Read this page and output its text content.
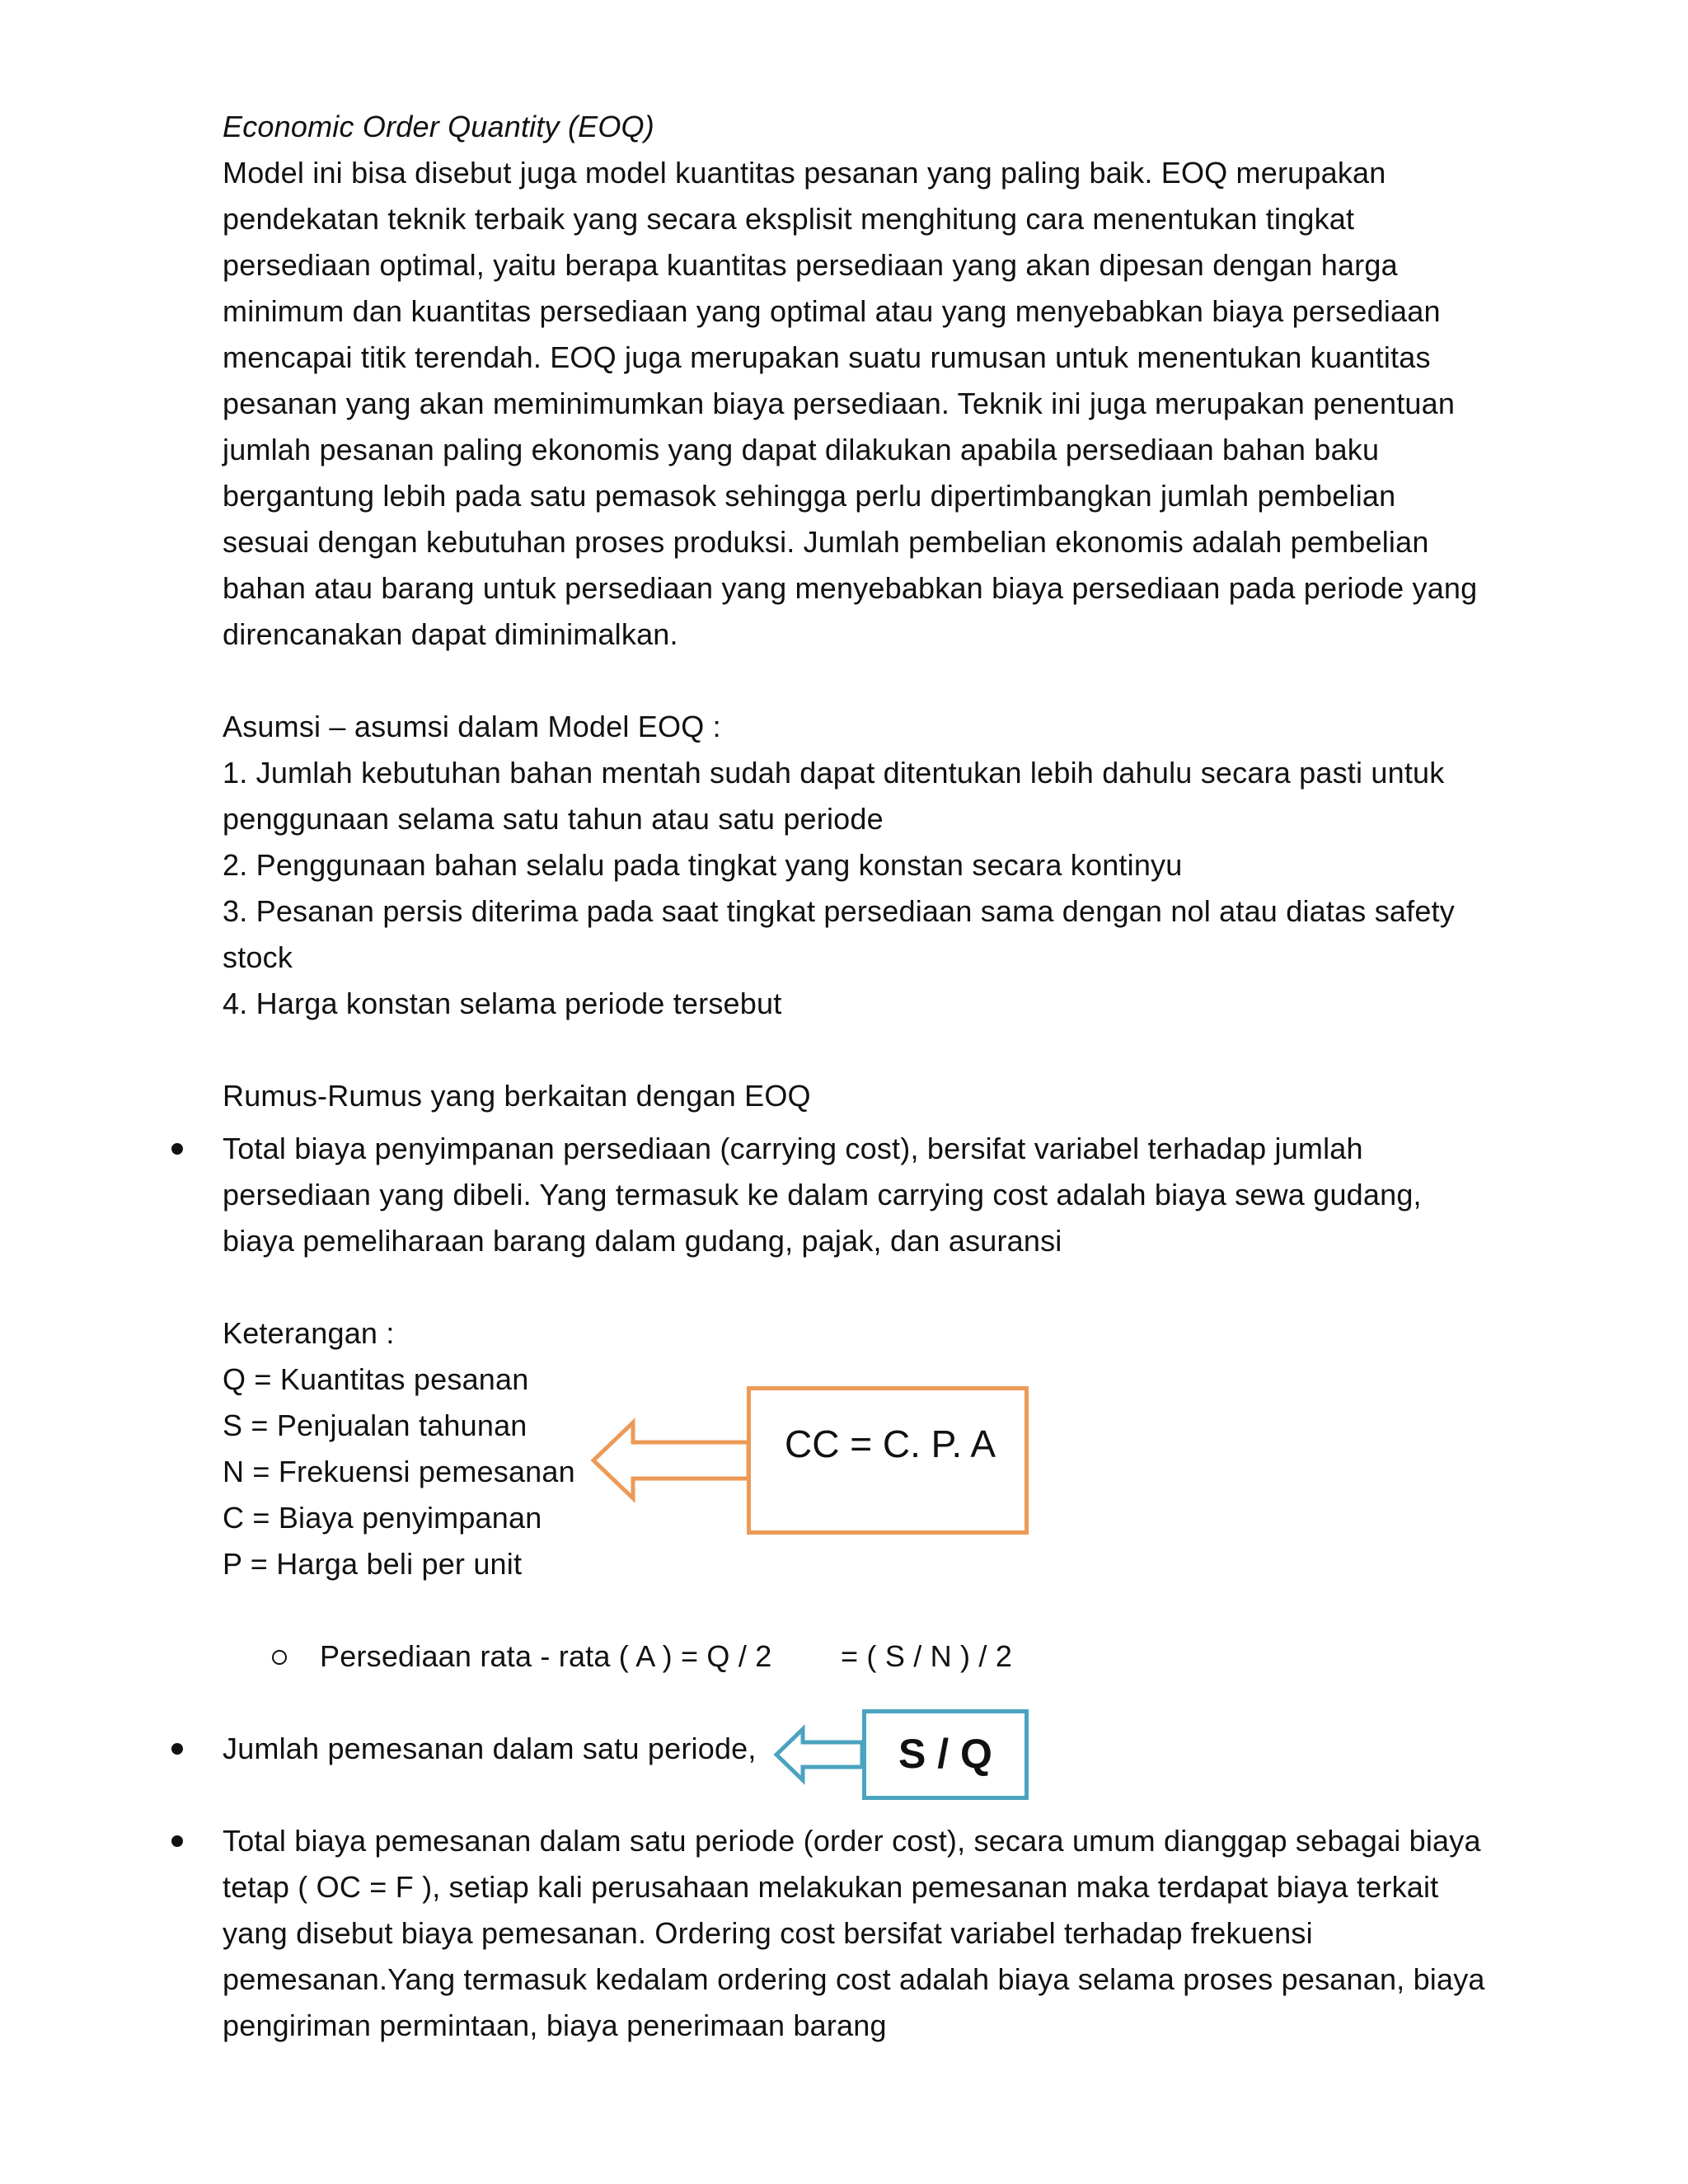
Economic Order Quantity (EOQ)
Model ini bisa disebut juga model kuantitas pesanan yang paling baik. EOQ merupakan
pendekatan teknik terbaik yang secara eksplisit menghitung cara menentukan tingkat
persediaan optimal, yaitu berapa kuantitas persediaan yang akan dipesan dengan harga
minimum dan kuantitas persediaan yang optimal atau yang menyebabkan biaya persediaan
mencapai titik terendah. EOQ juga merupakan suatu rumusan untuk menentukan kuantitas
pesanan yang akan meminimumkan biaya persediaan. Teknik ini juga merupakan penentuan
jumlah pesanan paling ekonomis yang dapat dilakukan apabila persediaan bahan baku
bergantung lebih pada satu pemasok sehingga perlu dipertimbangkan jumlah pembelian
sesuai dengan kebutuhan proses produksi. Jumlah pembelian ekonomis adalah pembelian
bahan atau barang untuk persediaan yang menyebabkan biaya persediaan pada periode yang
direncanakan dapat diminimalkan.
Asumsi – asumsi dalam Model EOQ :
1. Jumlah kebutuhan bahan mentah sudah dapat ditentukan lebih dahulu secara pasti untuk
penggunaan selama satu tahun atau satu periode
2. Penggunaan bahan selalu pada tingkat yang konstan secara kontinyu
3. Pesanan persis diterima pada saat tingkat persediaan sama dengan nol atau diatas safety
stock
4. Harga konstan selama periode tersebut
Rumus-Rumus yang berkaitan dengan EOQ
Total biaya penyimpanan persediaan (carrying cost), bersifat variabel terhadap jumlah
persediaan yang dibeli. Yang termasuk ke dalam carrying cost adalah biaya sewa gudang,
biaya pemeliharaan barang dalam gudang, pajak, dan asuransi
Keterangan :
Q = Kuantitas pesanan
S = Penjualan tahunan
N = Frekuensi pemesanan
C = Biaya penyimpanan
P = Harga beli per unit
CC = C. P. A
Persediaan rata - rata ( A ) = Q / 2 = ( S / N ) / 2
Jumlah pemesanan dalam satu periode,	S / Q
Total biaya pemesanan dalam satu periode (order cost), secara umum dianggap sebagai biaya
tetap ( OC = F ), setiap kali perusahaan melakukan pemesanan maka terdapat biaya terkait
yang disebut biaya pemesanan. Ordering cost bersifat variabel terhadap frekuensi
pemesanan.Yang termasuk kedalam ordering cost adalah biaya selama proses pesanan, biaya
pengiriman permintaan, biaya penerimaan barang
